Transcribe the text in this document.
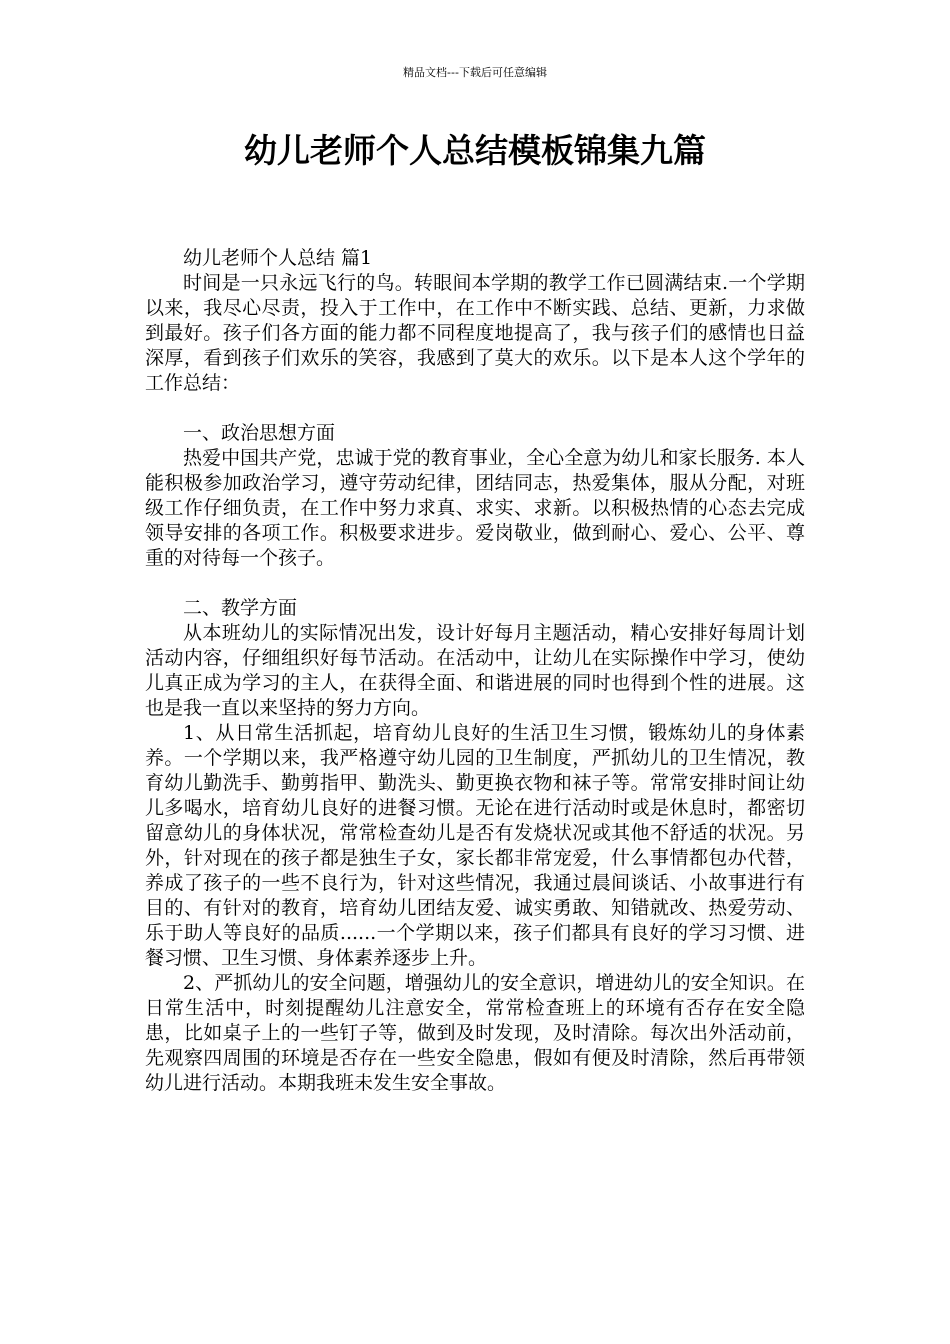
精品文档---下载后可任意编辑
幼儿老师个人总结模板锦集九篇

幼儿老师个人总结 篇1

时间是一只永远飞行的鸟。转眼间本学期的教学工作已圆满结束.一个学期以来，我尽心尽责，投入于工作中，在工作中不断实践、总结、更新，力求做到最好。孩子们各方面的能力都不同程度地提高了，我与孩子们的感情也日益深厚，看到孩子们欢乐的笑容，我感到了莫大的欢乐。以下是本人这个学年的工作总结：

一、政治思想方面

热爱中国共产党，忠诚于党的教育事业，全心全意为幼儿和家长服务. 本人能积极参加政治学习，遵守劳动纪律，团结同志，热爱集体，服从分配，对班级工作仔细负责，在工作中努力求真、求实、求新。以积极热情的心态去完成领导安排的各项工作。积极要求进步。爱岗敬业，做到耐心、爱心、公平、尊重的对待每一个孩子。

二、教学方面

从本班幼儿的实际情况出发，设计好每月主题活动，精心安排好每周计划活动内容，仔细组织好每节活动。在活动中，让幼儿在实际操作中学习，使幼儿真正成为学习的主人，在获得全面、和谐进展的同时也得到个性的进展。这也是我一直以来坚持的努力方向。

1、从日常生活抓起，培育幼儿良好的生活卫生习惯，锻炼幼儿的身体素养。一个学期以来，我严格遵守幼儿园的卫生制度，严抓幼儿的卫生情况，教育幼儿勤洗手、勤剪指甲、勤洗头、勤更换衣物和袜子等。常常安排时间让幼儿多喝水，培育幼儿良好的进餐习惯。无论在进行活动时或是休息时，都密切留意幼儿的身体状况，常常检查幼儿是否有发烧状况或其他不舒适的状况。另外，针对现在的孩子都是独生子女，家长都非常宠爱，什么事情都包办代替，养成了孩子的一些不良行为，针对这些情况，我通过晨间谈话、小故事进行有目的、有针对的教育，培育幼儿团结友爱、诚实勇敢、知错就改、热爱劳动、乐于助人等良好的品质......一个学期以来，孩子们都具有良好的学习习惯、进餐习惯、卫生习惯、身体素养逐步上升。

2、严抓幼儿的安全问题，增强幼儿的安全意识，增进幼儿的安全知识。在日常生活中，时刻提醒幼儿注意安全，常常检查班上的环境有否存在安全隐患，比如桌子上的一些钉子等，做到及时发现，及时清除。每次出外活动前，先观察四周围的环境是否存在一些安全隐患，假如有便及时清除，然后再带领幼儿进行活动。本期我班未发生安全事故。
